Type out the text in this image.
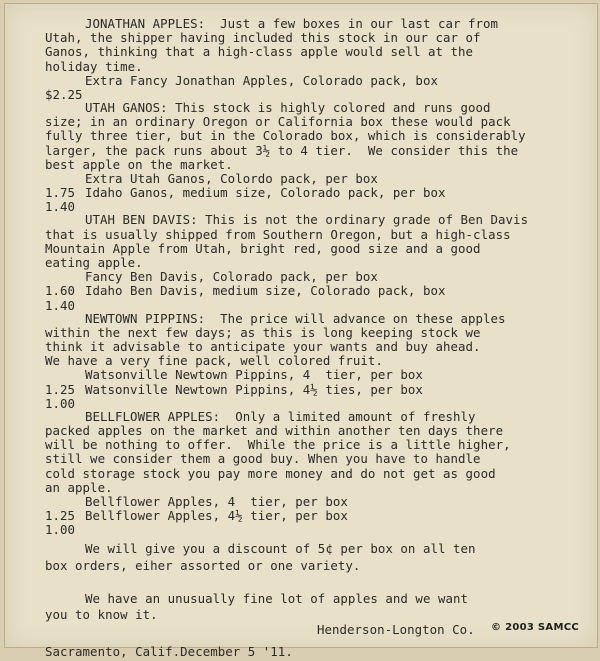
JONATHAN APPLES:  Just a few boxes in our last car from
Utah, the shipper having included this stock in our car of
Ganos, thinking that a high-class apple would sell at the
holiday time.
Extra Fancy Jonathan Apples, Colorado pack, box
$2.25
UTAH GANOS: This stock is highly colored and runs good
size; in an ordinary Oregon or California box these would pack
fully three tier, but in the Colorado box, which is considerably
larger, the pack runs about 3½ to 4 tier.  We consider this the
best apple on the market.
Extra Utah Ganos, Colordo pack, per box
1.75 Idaho Ganos, medium size, Colorado pack, per box
1.40
UTAH BEN DAVIS: This is not the ordinary grade of Ben Davis
that is usually shipped from Southern Oregon, but a high-class
Mountain Apple from Utah, bright red, good size and a good
eating apple.
Fancy Ben Davis, Colorado pack, per box
1.60 Idaho Ben Davis, medium size, Colorado pack, box
1.40
NEWTOWN PIPPINS:  The price will advance on these apples
within the next few days; as this is long keeping stock we
think it advisable to anticipate your wants and buy ahead.
We have a very fine pack, well colored fruit.
Watsonville Newtown Pippins, 4  tier, per box
1.25 Watsonville Newtown Pippins, 4½ ties, per box
1.00
BELLFLOWER APPLES:  Only a limited amount of freshly
packed apples on the market and within another ten days there
will be nothing to offer.  While the price is a little higher,
still we consider them a good buy. When you have to handle
cold storage stock you pay more money and do not get as good
an apple.
Bellflower Apples, 4  tier, per box
1.25 Bellflower Apples, 4½ tier, per box
1.00
We will give you a discount of 5¢ per box on all ten
box orders, eiher assorted or one variety.
We have an unusually fine lot of apples and we want
you to know it.
Henderson-Longton Co.
Sacramento, Calif.December 5 '11.
© 2003 SAMCC
